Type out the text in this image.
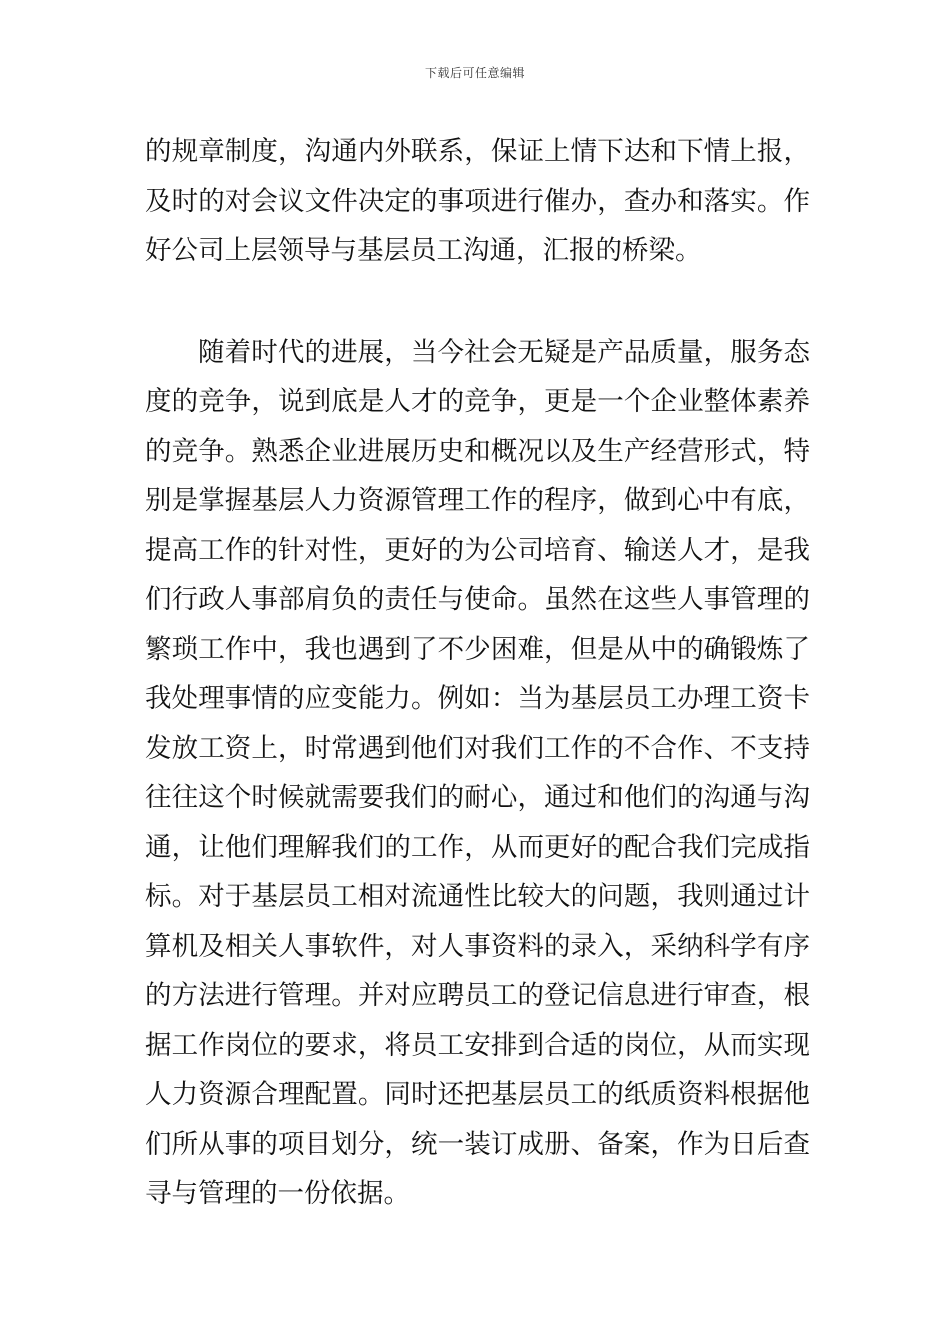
下载后可任意编辑
的规章制度，沟通内外联系，保证上情下达和下情上报，
及时的对会议文件决定的事项进行催办，查办和落实。作
好公司上层领导与基层员工沟通，汇报的桥梁。
随着时代的进展，当今社会无疑是产品质量，服务态
度的竞争，说到底是人才的竞争，更是一个企业整体素养
的竞争。熟悉企业进展历史和概况以及生产经营形式，特
别是掌握基层人力资源管理工作的程序，做到心中有底，
提高工作的针对性，更好的为公司培育、输送人才，是我
们行政人事部肩负的责任与使命。虽然在这些人事管理的
繁琐工作中，我也遇到了不少困难，但是从中的确锻炼了
我处理事情的应变能力。例如：当为基层员工办理工资卡
发放工资上，时常遇到他们对我们工作的不合作、不支持
往往这个时候就需要我们的耐心，通过和他们的沟通与沟
通，让他们理解我们的工作，从而更好的配合我们完成指
标。对于基层员工相对流通性比较大的问题，我则通过计
算机及相关人事软件，对人事资料的录入，采纳科学有序
的方法进行管理。并对应聘员工的登记信息进行审查，根
据工作岗位的要求，将员工安排到合适的岗位，从而实现
人力资源合理配置。同时还把基层员工的纸质资料根据他
们所从事的项目划分，统一装订成册、备案，作为日后查
寻与管理的一份依据。
